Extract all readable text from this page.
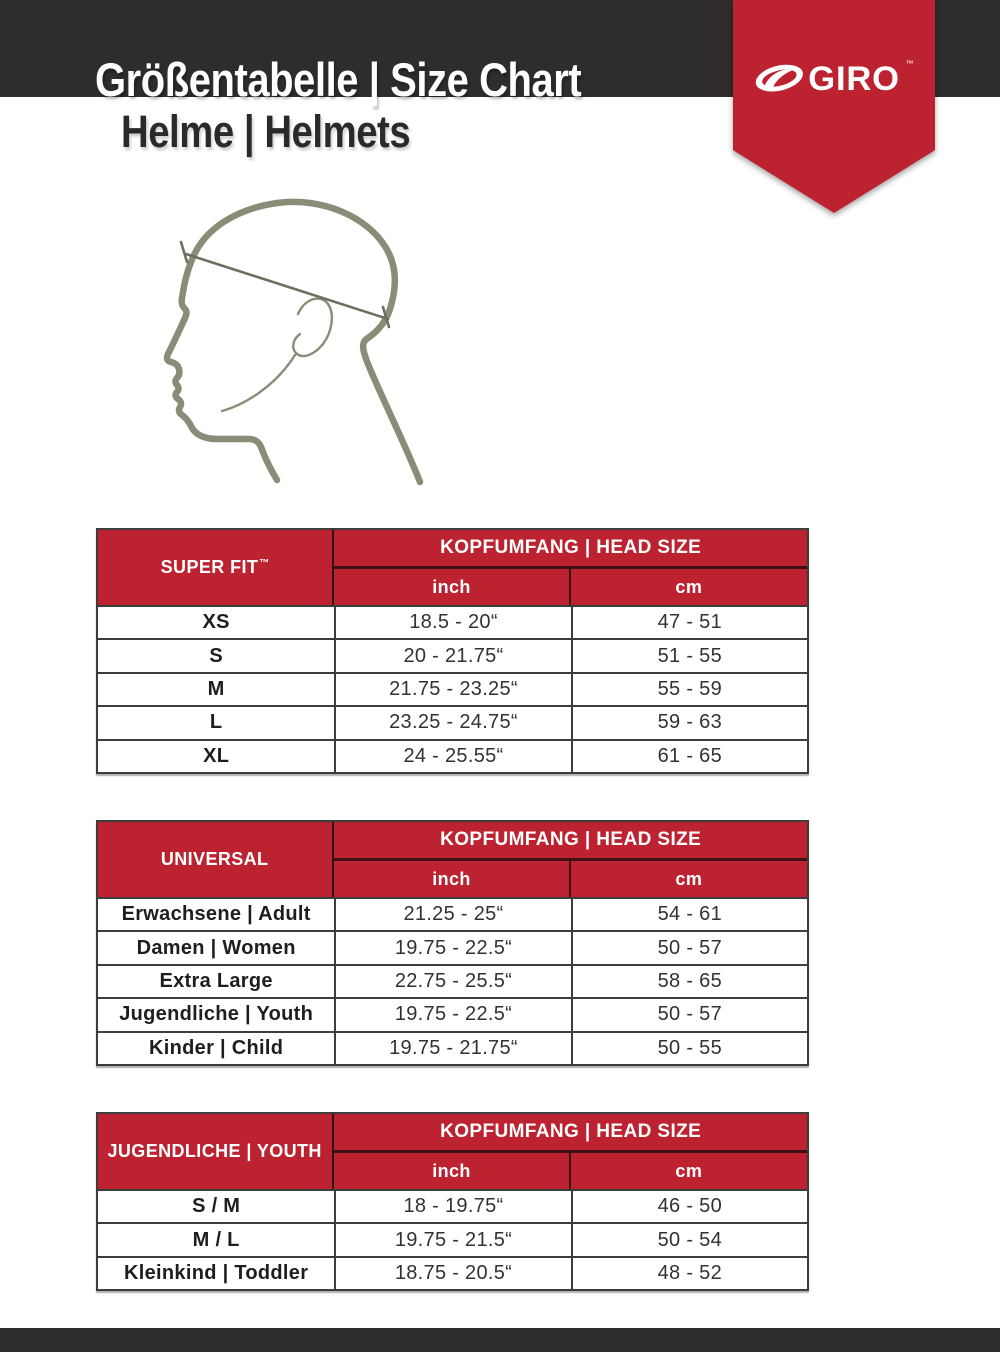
Größentabelle | Size Chart
Helme | Helmets
GIRO ™
SUPER FIT™
KOPFUMFANG | HEAD SIZE
inch	cm
XS	18.5 - 20“	47 - 51
S	20 - 21.75“	51 - 55
M	21.75 - 23.25“	55 - 59
L	23.25 - 24.75“	59 - 63
XL	24 - 25.55“	61 - 65
UNIVERSAL
KOPFUMFANG | HEAD SIZE
inch	cm
Erwachsene | Adult	21.25 - 25“	54 - 61
Damen | Women	19.75 - 22.5“	50 - 57
Extra Large	22.75 - 25.5“	58 - 65
Jugendliche | Youth	19.75 - 22.5“	50 - 57
Kinder | Child	19.75 - 21.75“	50 - 55
JUGENDLICHE | YOUTH
KOPFUMFANG | HEAD SIZE
inch	cm
S / M	18 - 19.75“	46 - 50
M / L	19.75 - 21.5“	50 - 54
Kleinkind | Toddler	18.75 - 20.5“	48 - 52
